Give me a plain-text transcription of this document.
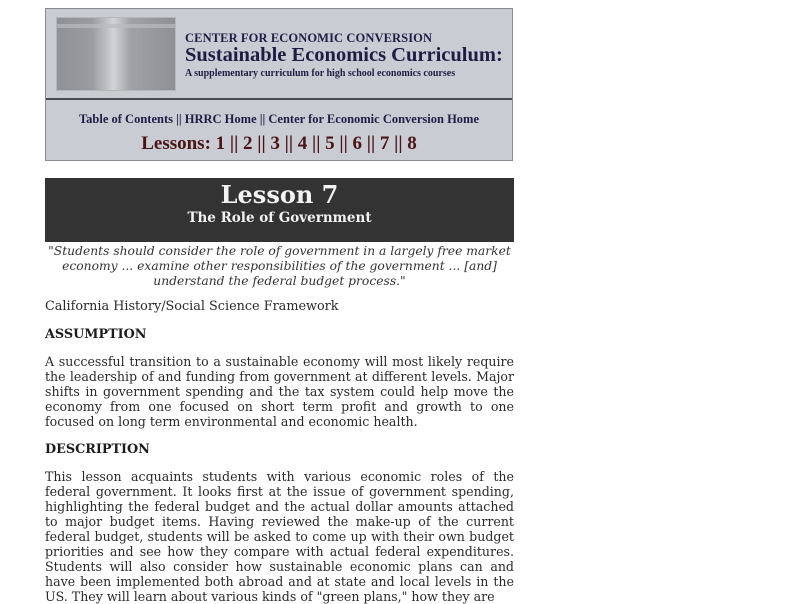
CENTER FOR ECONOMIC CONVERSION
Sustainable Economics Curriculum:
A supplementary curriculum for high school economics courses
Table of Contents || HRRC Home || Center for Economic Conversion Home
Lessons: 1 || 2 || 3 || 4 || 5 || 6 || 7 || 8
Lesson 7
The Role of Government
"Students should consider the role of government in a largely free market economy ... examine other responsibilities of the government ... [and] understand the federal budget process."
California History/Social Science Framework
ASSUMPTION
A successful transition to a sustainable economy will most likely require the leadership of and funding from government at different levels. Major shifts in government spending and the tax system could help move the economy from one focused on short term profit and growth to one focused on long term environmental and economic health.
DESCRIPTION
This lesson acquaints students with various economic roles of the federal government. It looks first at the issue of government spending, highlighting the federal budget and the actual dollar amounts attached to major budget items. Having reviewed the make-up of the current federal budget, students will be asked to come up with their own budget priorities and see how they compare with actual federal expenditures. Students will also consider how sustainable economic plans can and have been implemented both abroad and at state and local levels in the US. They will learn about various kinds of "green plans," how they are
